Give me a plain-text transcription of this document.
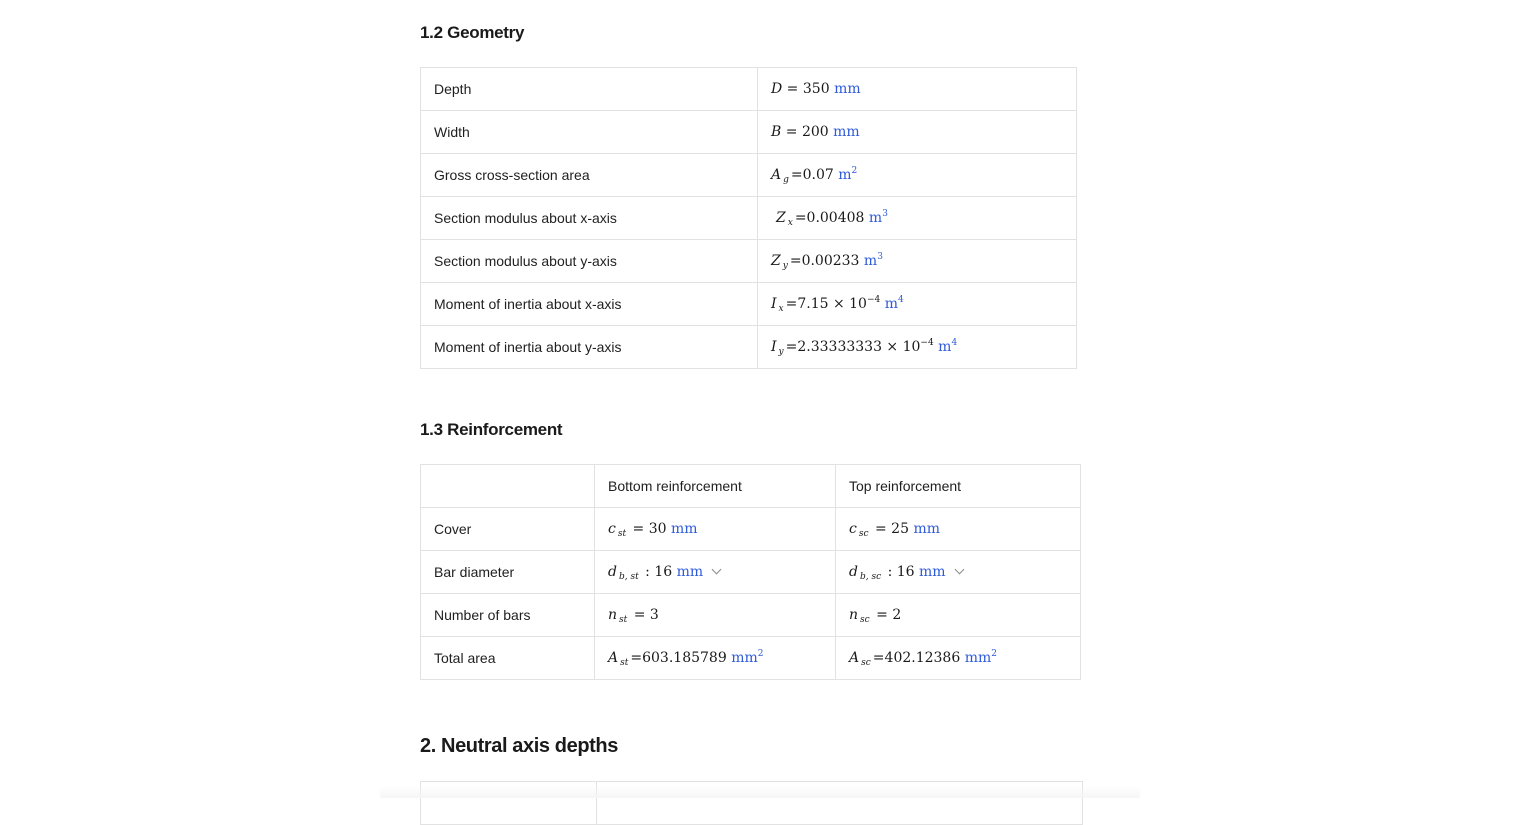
1.2 Geometry
Depth	D = 350 mm
Width	B = 200 mm
Gross cross-section area	A $_g$ =0.07 $m^2$
Section modulus about x-axis	Z $_x$ =0.00408 $m^3$
Section modulus about y-axis	Z $_y$ =0.00233 $m^3$
Moment of inertia about x-axis	I $_x =7.15 \times 10^{-4}$ $m^4$
Moment of inertia about y-axis	I $_y =2.33333333 \times 10^{-4}$ $m^4$
1.3 Reinforcement
	Bottom reinforcement	Top reinforcement
Cover	c $_{st}$ = 30 mm	c $_{sc}$ = 25 mm
Bar diameter	d $_{b, st}$ : 16 mm	d $_{b, sc}$ : 16 mm
Number of bars	n $_{st}$ = 3	n $_{sc}$ = 2
Total area	A $_{st}$ =603.185789 $mm^2$	A $_{sc}$ =402.12386 $mm^2$
2. Neutral axis depths
